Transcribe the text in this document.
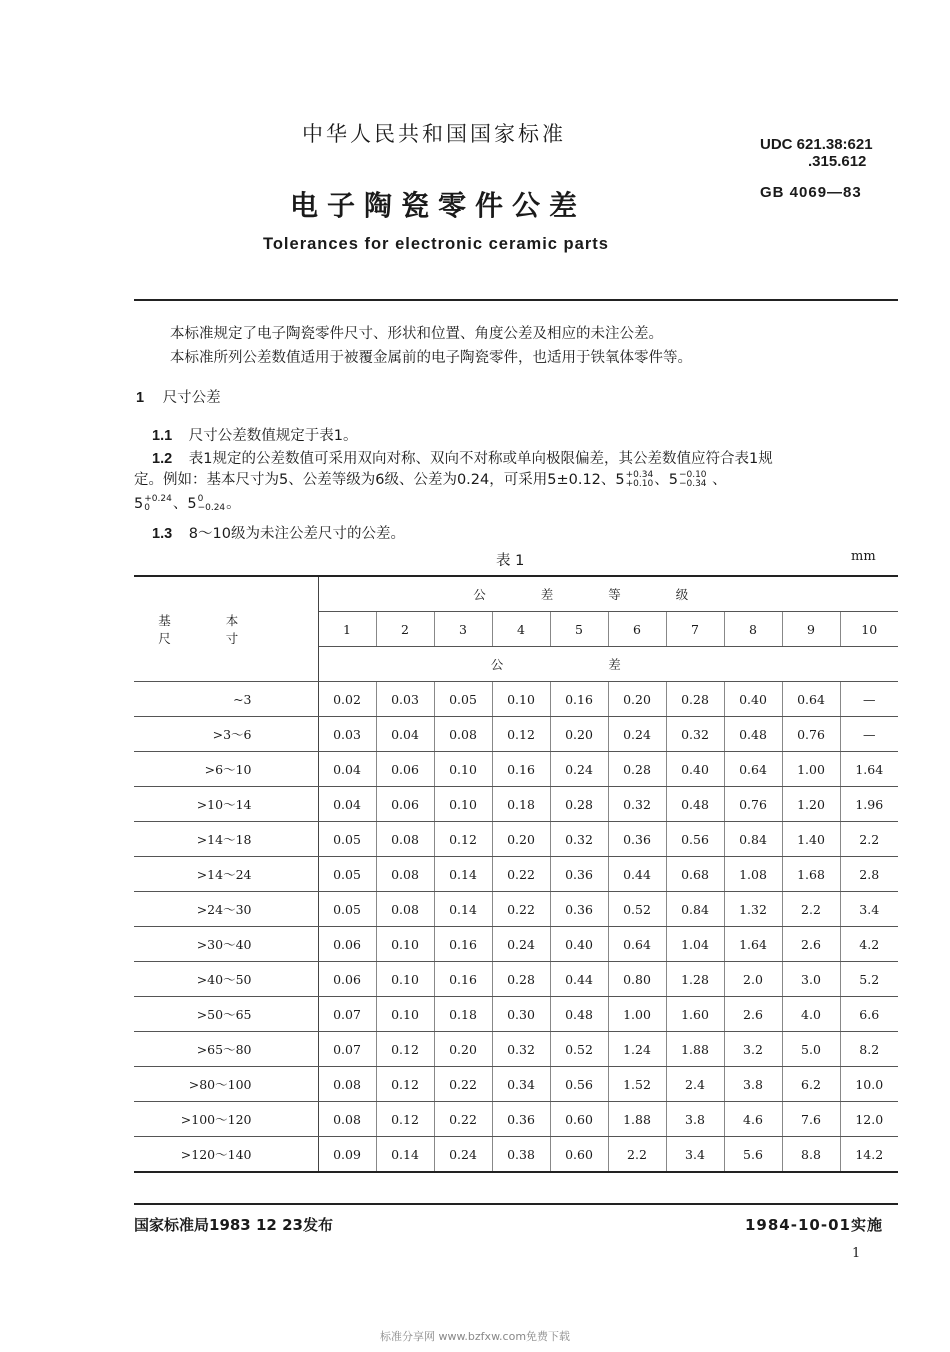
中华人民共和国国家标准	UDC 621.38:621
.315.612
电子陶瓷零件公差	GB 4069—83
Tolerances for electronic ceramic parts
本标准规定了电子陶瓷零件尺寸、形状和位置、角度公差及相应的未注公差。
本标准所列公差数值适用于被覆金属前的电子陶瓷零件，也适用于铁氧体零件等。
1 尺寸公差
1.1 尺寸公差数值规定于表1。
1.2 表1规定的公差数值可采用双向对称、双向不对称或单向极限偏差，其公差数值应符合表1规
定。例如：基本尺寸为5、公差等级为6级、公差为0.24，可采用5±0.12、5 +0.34
+0.10 、5 −0.10
−0.34 、
5 +0.24
0	、5 0
−0.24 。
1.3 8～10级为未注公差尺寸的公差。
表 1	mm
基本尺寸	公差等级									
	1	2	3	4	5	6	7	8	9	10
	公差									
~3	0.02	0.03	0.05	0.10	0.16	0.20	0.28	0.40	0.64	—
>3～6	0.03	0.04	0.08	0.12	0.20	0.24	0.32	0.48	0.76	—
>6～10	0.04	0.06	0.10	0.16	0.24	0.28	0.40	0.64	1.00	1.64
>10～14	0.04	0.06	0.10	0.18	0.28	0.32	0.48	0.76	1.20	1.96
>14～18	0.05	0.08	0.12	0.20	0.32	0.36	0.56	0.84	1.40	2.2
>14～24	0.05	0.08	0.14	0.22	0.36	0.44	0.68	1.08	1.68	2.8
>24～30	0.05	0.08	0.14	0.22	0.36	0.52	0.84	1.32	2.2	3.4
>30～40	0.06	0.10	0.16	0.24	0.40	0.64	1.04	1.64	2.6	4.2
>40～50	0.06	0.10	0.16	0.28	0.44	0.80	1.28	2.0	3.0	5.2
>50～65	0.07	0.10	0.18	0.30	0.48	1.00	1.60	2.6	4.0	6.6
>65～80	0.07	0.12	0.20	0.32	0.52	1.24	1.88	3.2	5.0	8.2
>80～100	0.08	0.12	0.22	0.34	0.56	1.52	2.4	3.8	6.2	10.0
>100～120	0.08	0.12	0.22	0.36	0.60	1.88	3.8	4.6	7.6	12.0
>120～140	0.09	0.14	0.24	0.38	0.60	2.2	3.4	5.6	8.8	14.2
国家标准局1983 12 23发布	1984-10-01实施
1
标准分享网 www.bzfxw.com免费下载
